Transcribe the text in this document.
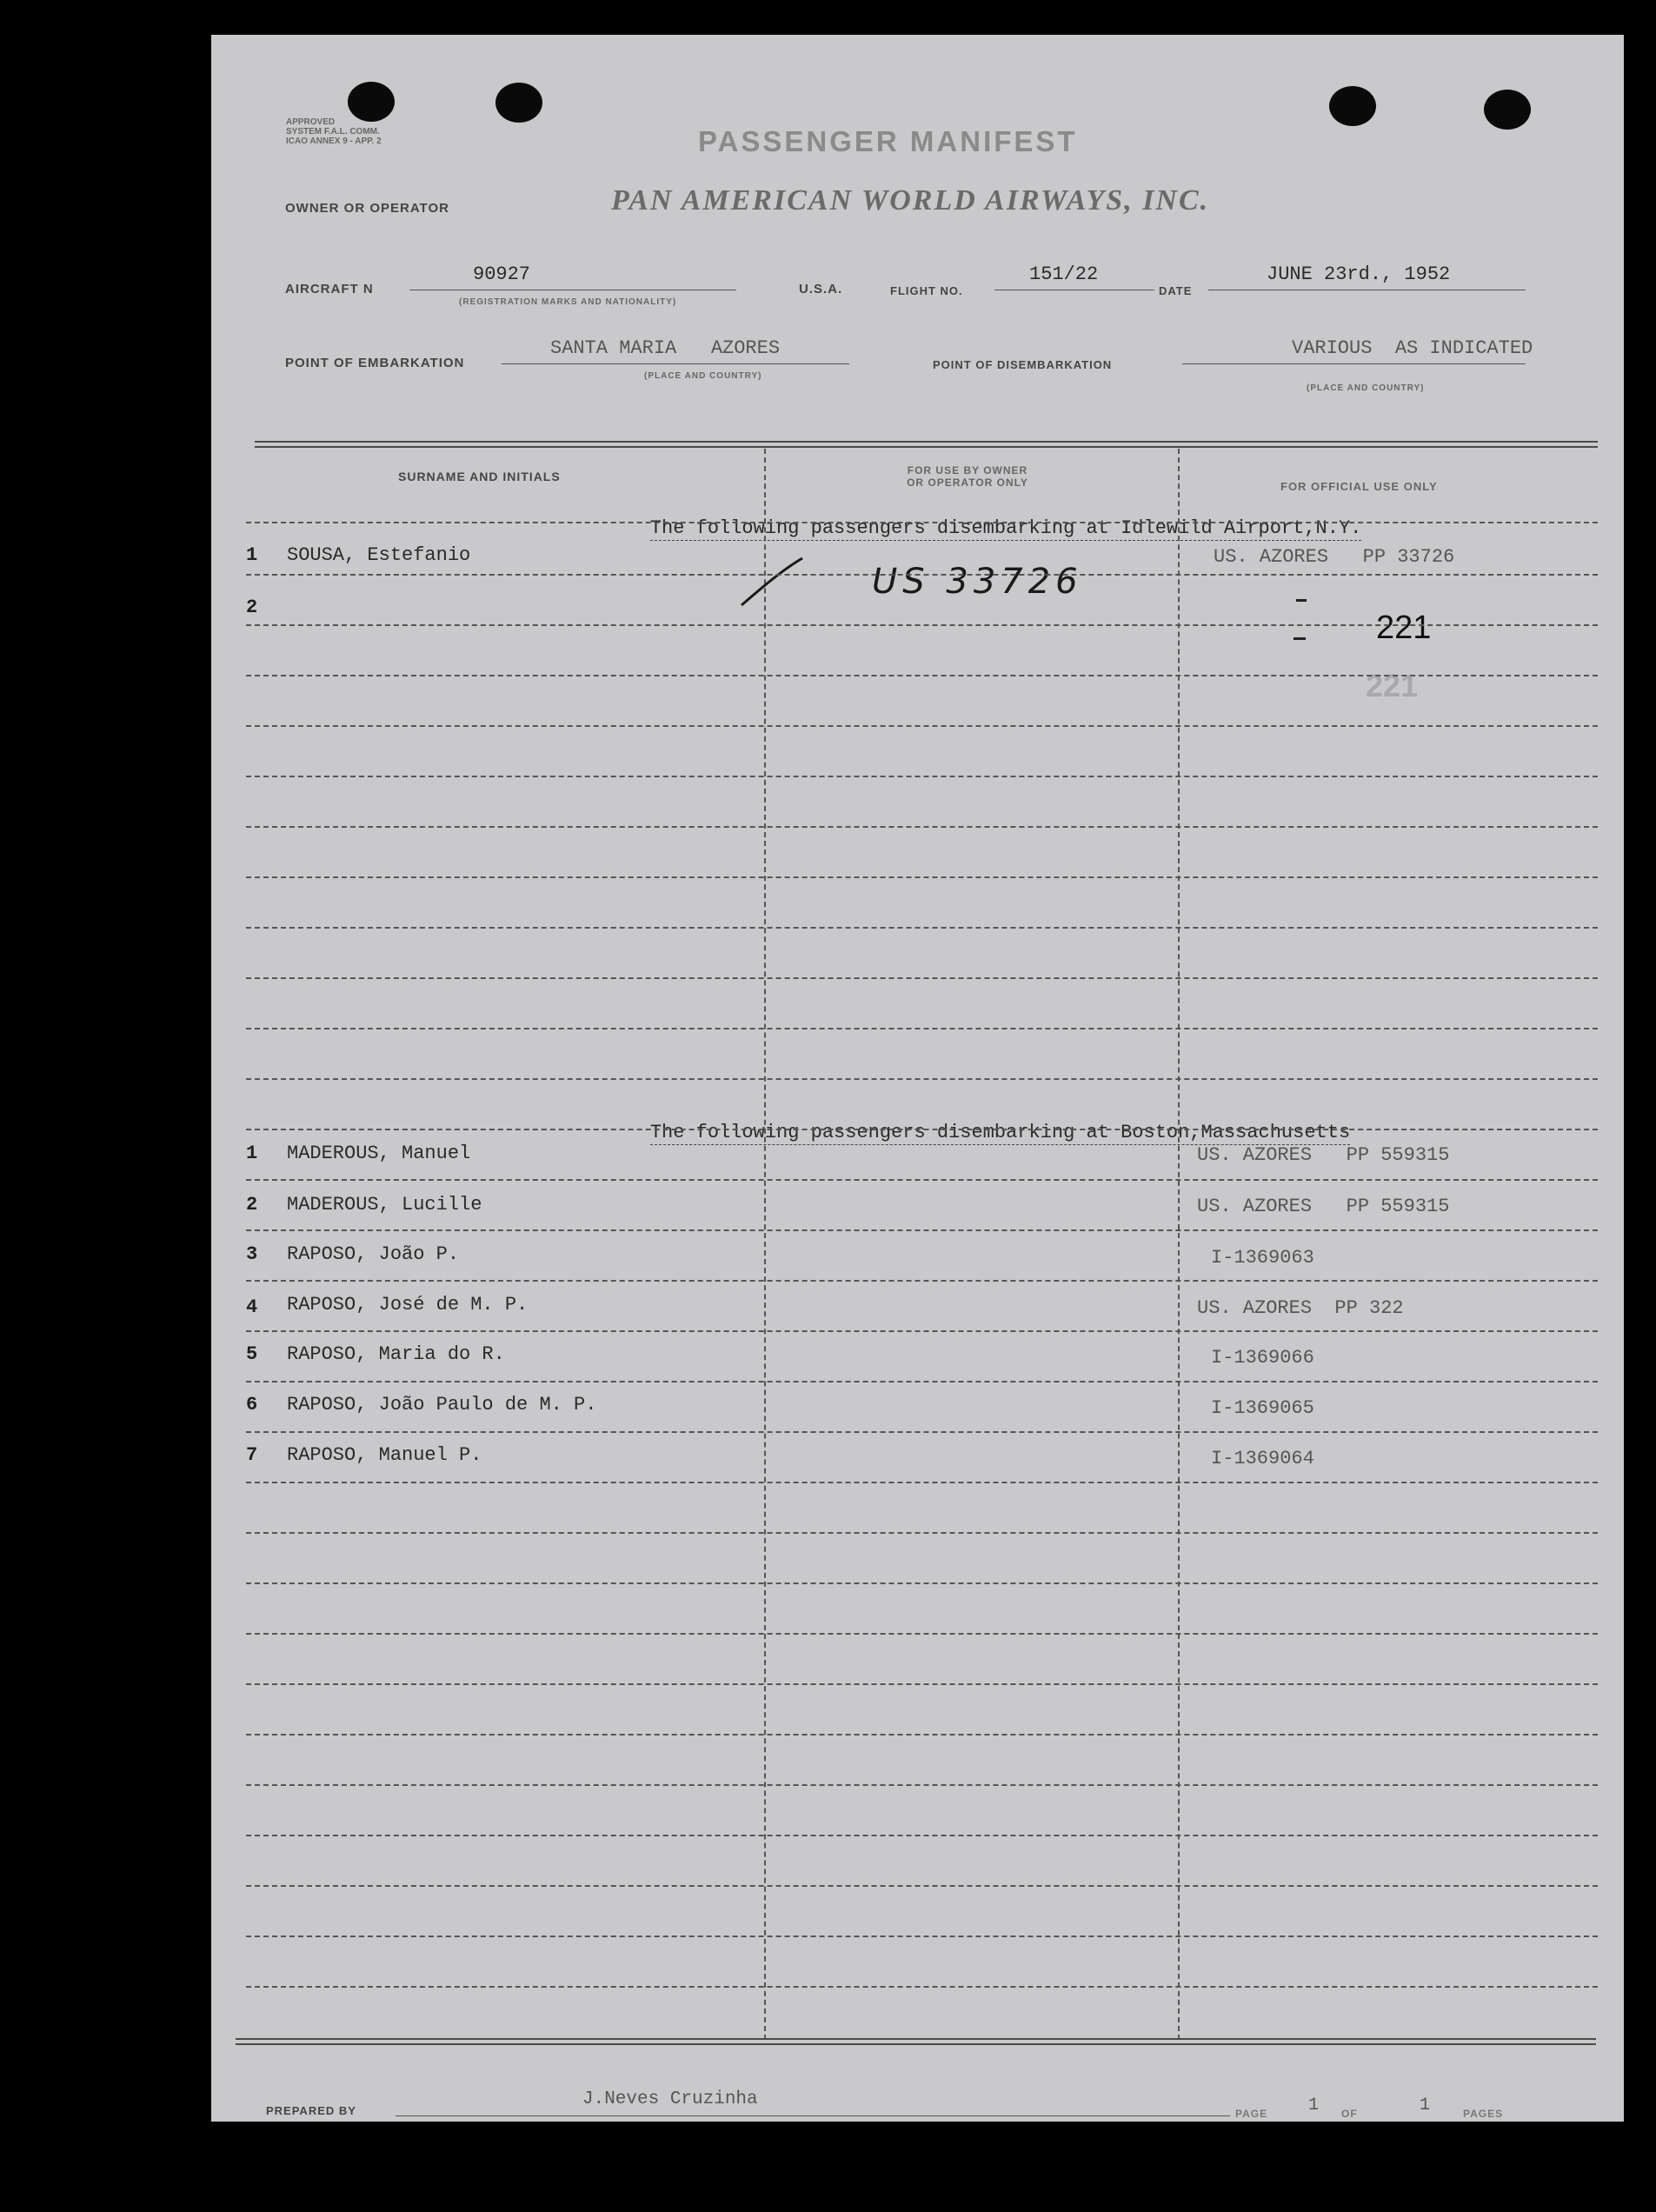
APPROVED
SYSTEM F.A.L. COMM.
ICAO ANNEX 9 - APP. 2	PASSENGER MANIFEST
OWNER OR OPERATOR	PAN AMERICAN WORLD AIRWAYS, INC.
AIRCRAFT N
90927
(REGISTRATION MARKS AND NATIONALITY)
U.S.A.	FLIGHT NO.
151/22
DATE
JUNE 23rd., 1952
POINT OF EMBARKATION
SANTA MARIA   AZORES
(PLACE AND COUNTRY)
POINT OF DISEMBARKATION
VARIOUS  AS INDICATED
(PLACE AND COUNTRY)
SURNAME AND INITIALS	FOR USE BY OWNER
OR OPERATOR ONLY	FOR OFFICIAL USE ONLY

The following passengers disembarking at Idlewild Airport,N.Y.

1 SOUSA, Estefanio	US. AZORES   PP 33726
2
US 33726
221
221

The following passengers disembarking at Boston,Massachusetts

1 MADEROUS, Manuel	US. AZORES   PP 559315
2 MADEROUS, Lucille	US. AZORES   PP 559315
3 RAPOSO, João P.	I-1369063
4 RAPOSO, José de M. P.	US. AZORES  PP 322
5 RAPOSO, Maria do R.	I-1369066
6 RAPOSO, João Paulo de M. P.	I-1369065
7 RAPOSO, Manuel P.	I-1369064
PREPARED BY
J.Neves Cruzinha
PAGE 1 OF	1	PAGES
